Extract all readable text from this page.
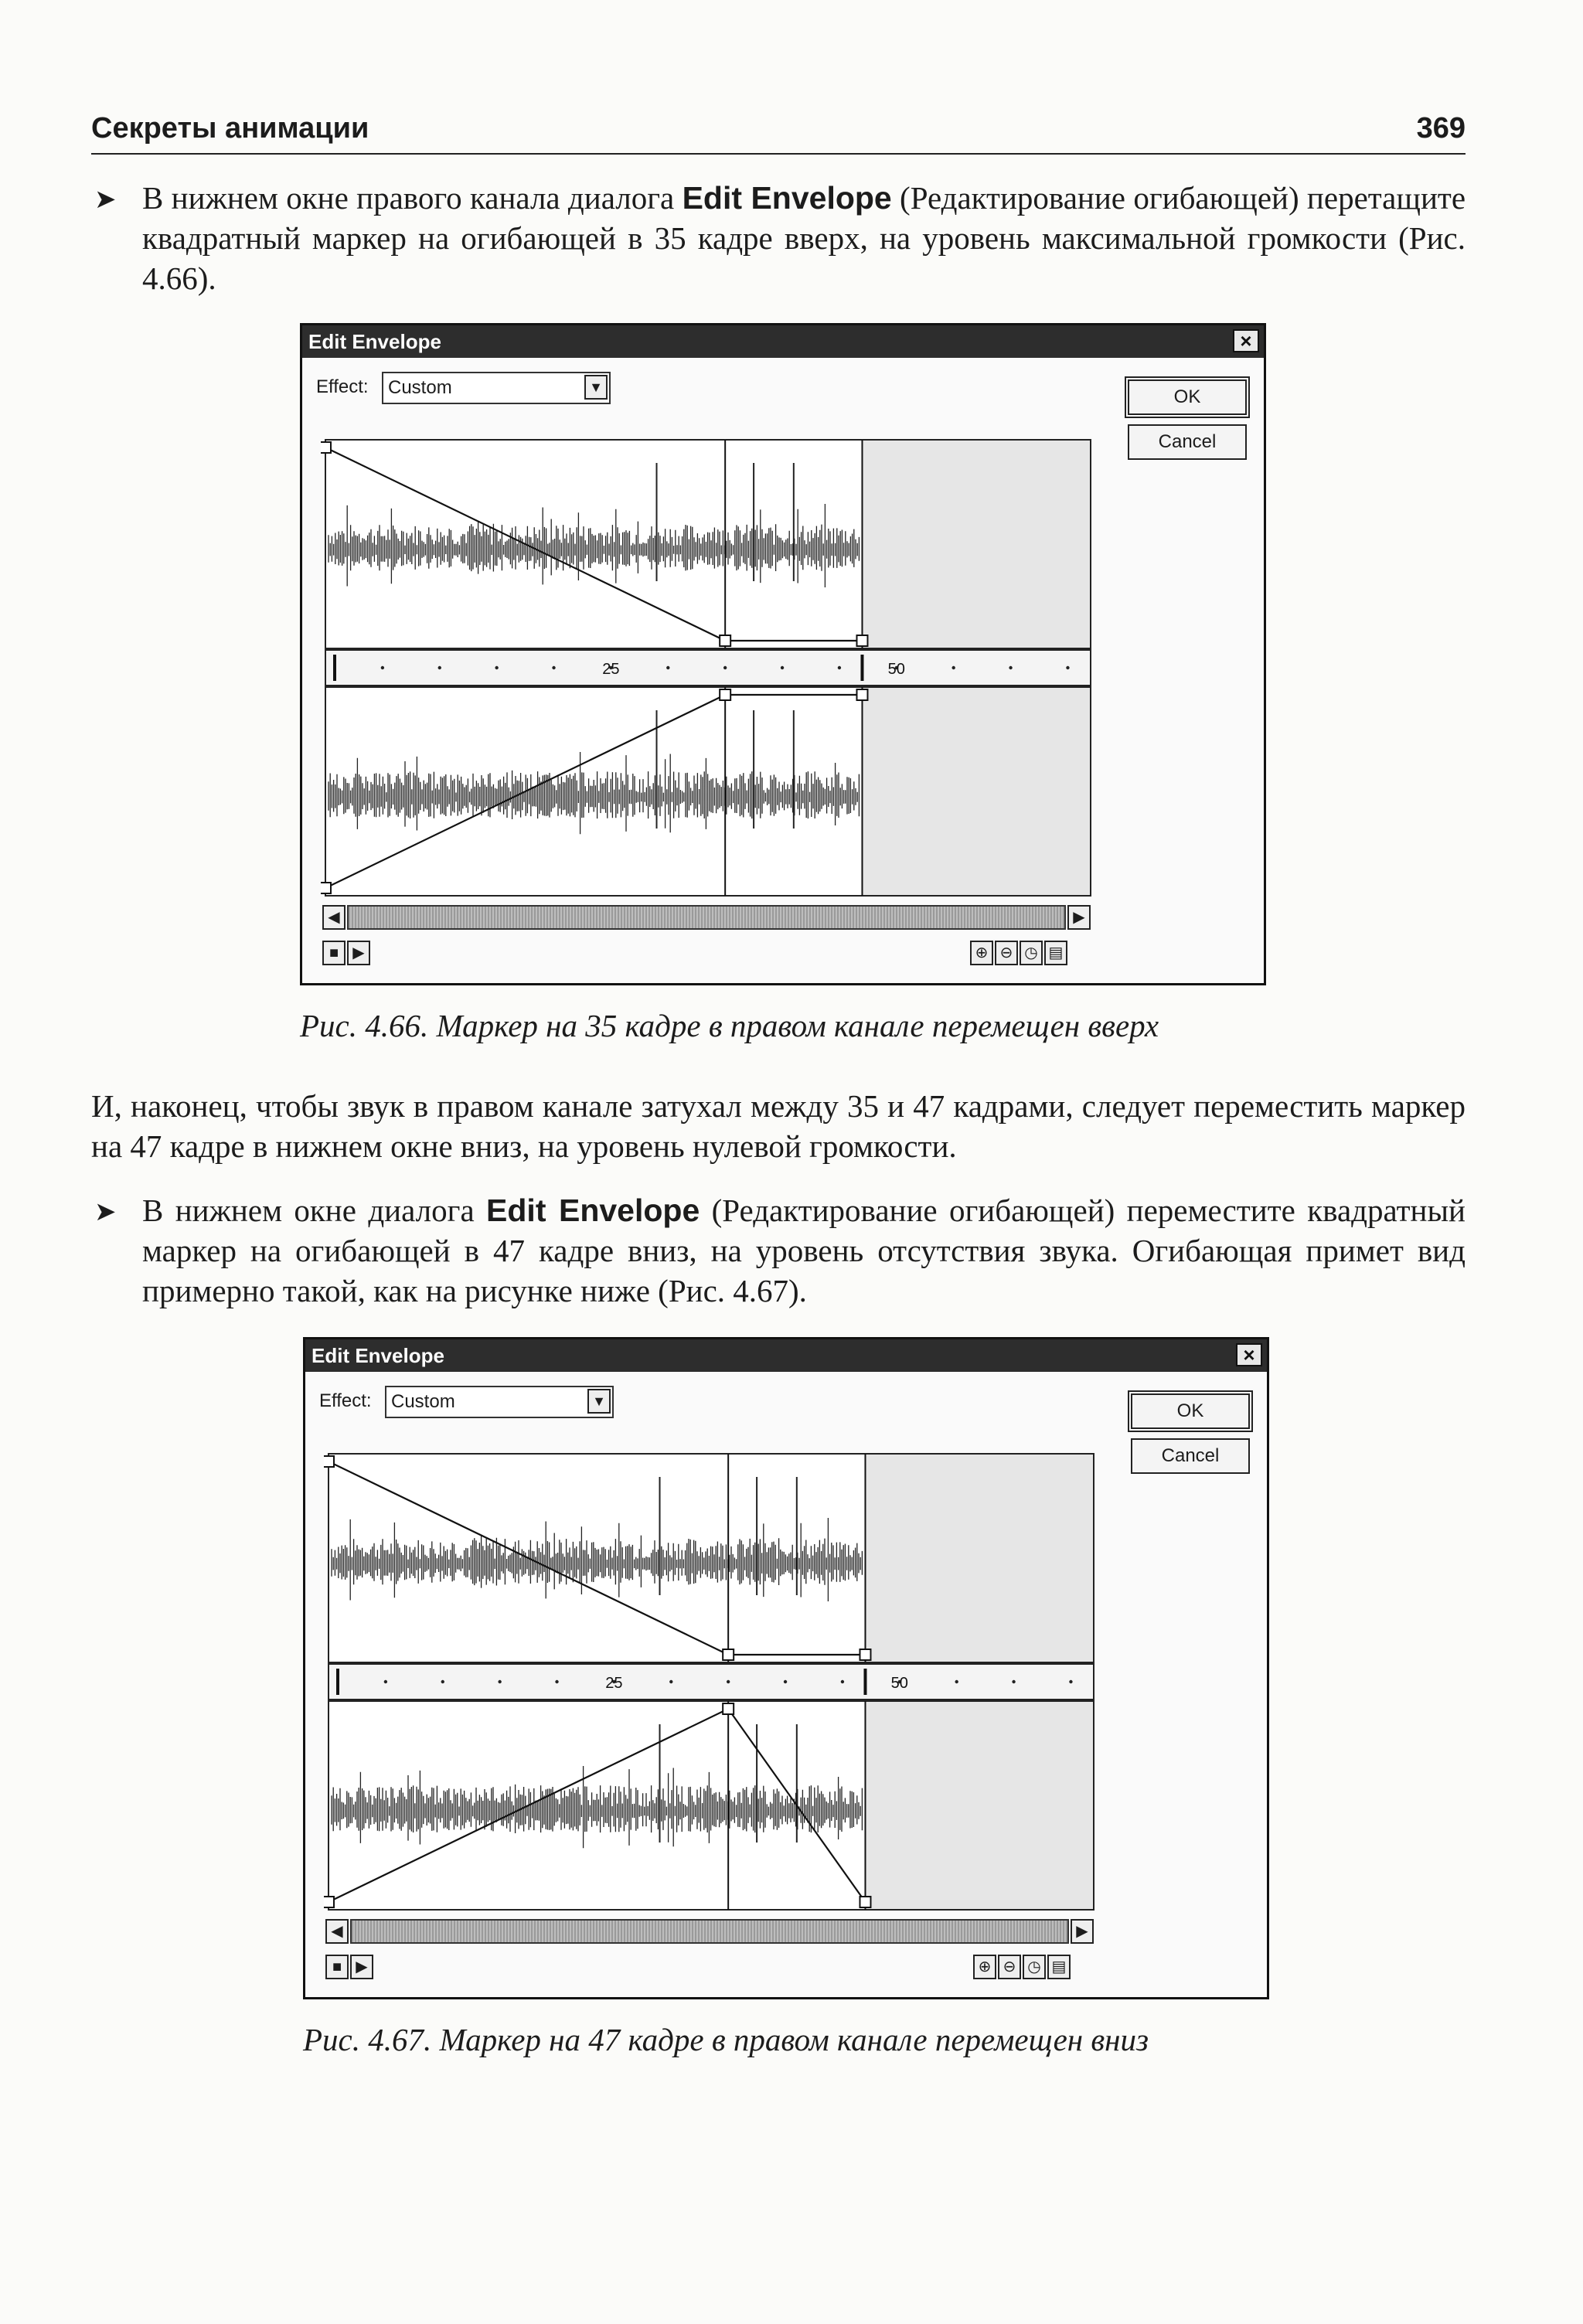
Секреты анимации	369
➤ В нижнем окне правого канала диалога Edit Envelope (Редактирование огибающей) перетащите квадратный маркер на огибающей в 35 кадре вверх, на уровень максимальной громкости (Рис. 4.66).
Edit Envelope	×
Effect:	Custom	▼	OK
Cancel
25	50
◀	▶
■ ▶	⊕ ⊖ ◷ ▤
Рис. 4.66. Маркер на 35 кадре в правом канале перемещен вверх
И, наконец, чтобы звук в правом канале затухал между 35 и 47 кадрами, следует переместить маркер на 47 кадре в нижнем окне вниз, на уровень нулевой громкости.
➤ В нижнем окне диалога Edit Envelope (Редактирование огибающей) переместите квадратный маркер на огибающей в 47 кадре вниз, на уровень отсутствия звука. Огибающая примет вид примерно такой, как на рисунке ниже (Рис. 4.67).
Edit Envelope	×
Effect:	Custom	▼	OK
Cancel
25	50
◀	▶
■ ▶	⊕ ⊖ ◷ ▤
Рис. 4.67. Маркер на 47 кадре в правом канале перемещен вниз
